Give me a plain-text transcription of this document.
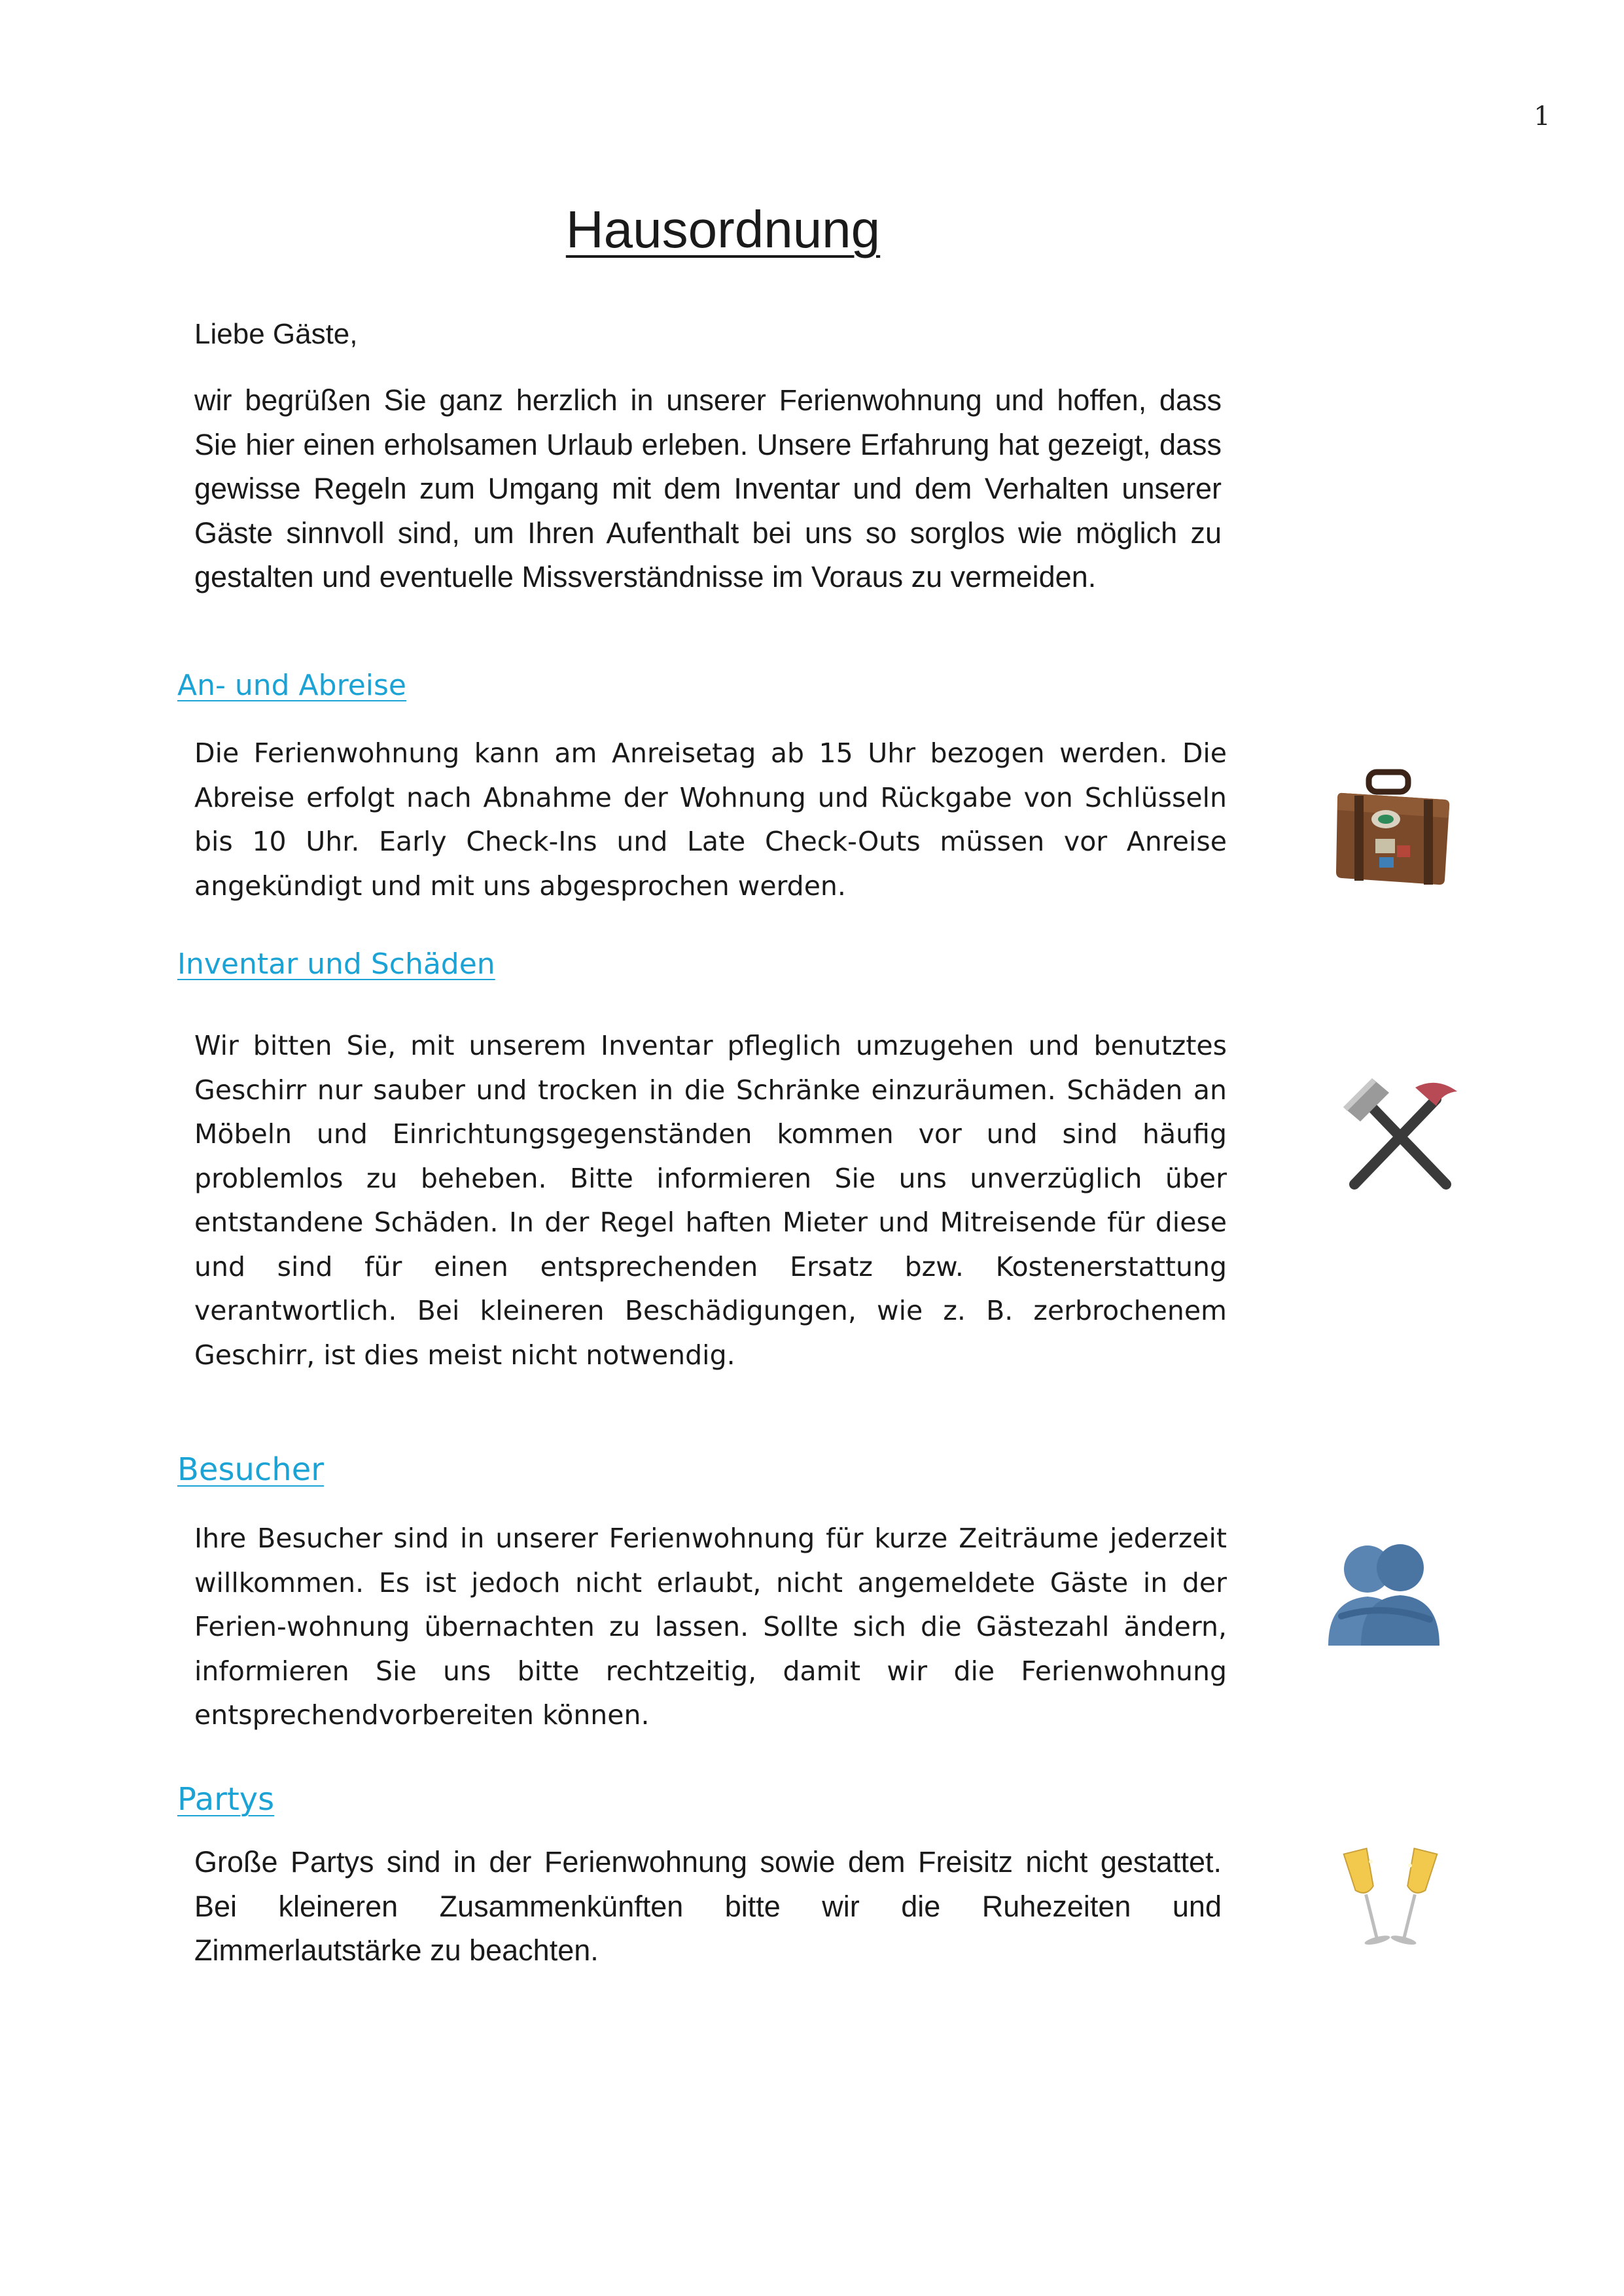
1
Hausordnung
Liebe Gäste,

wir begrüßen Sie ganz herzlich in unserer Ferienwohnung und hoffen, dass Sie hier einen erholsamen Urlaub erleben. Unsere Erfahrung hat gezeigt, dass gewisse Regeln zum Umgang mit dem Inventar und dem Verhalten unserer Gäste sinnvoll sind, um Ihren Aufenthalt bei uns so sorglos wie möglich zu gestalten und eventuelle Missverständnisse im Voraus zu vermeiden.

An- und Abreise

Die Ferienwohnung kann am Anreisetag ab 15 Uhr bezogen werden. Die Abreise erfolgt nach Abnahme der Wohnung und Rückgabe von Schlüsseln bis 10 Uhr. Early Check-Ins und Late Check-Outs müssen vor Anreise angekündigt und mit uns abgesprochen werden.

Inventar und Schäden

Wir bitten Sie, mit unserem Inventar pfleglich umzugehen und benutztes Geschirr nur sauber und trocken in die Schränke einzuräumen. Schäden an Möbeln und Einrichtungsgegenständen kommen vor und sind häufig problemlos zu beheben. Bitte informieren Sie uns unverzüglich über entstandene Schäden. In der Regel haften Mieter und Mitreisende für diese und sind für einen entsprechenden Ersatz bzw. Kostenerstattung verantwortlich. Bei kleineren Beschädigungen, wie z. B. zerbrochenem Geschirr, ist dies meist nicht notwendig.

Besucher

Ihre Besucher sind in unserer Ferienwohnung für kurze Zeiträume jederzeit willkommen. Es ist jedoch nicht erlaubt, nicht angemeldete Gäste in der Ferien-wohnung übernachten zu lassen. Sollte sich die Gästezahl ändern, informieren Sie uns bitte rechtzeitig, damit wir die Ferienwohnung entsprechendvorbereiten können.

Partys

Große Partys sind in der Ferienwohnung sowie dem Freisitz nicht gestattet. Bei kleineren Zusammenkünften bitte wir die Ruhezeiten und Zimmerlautstärke zu beachten.
